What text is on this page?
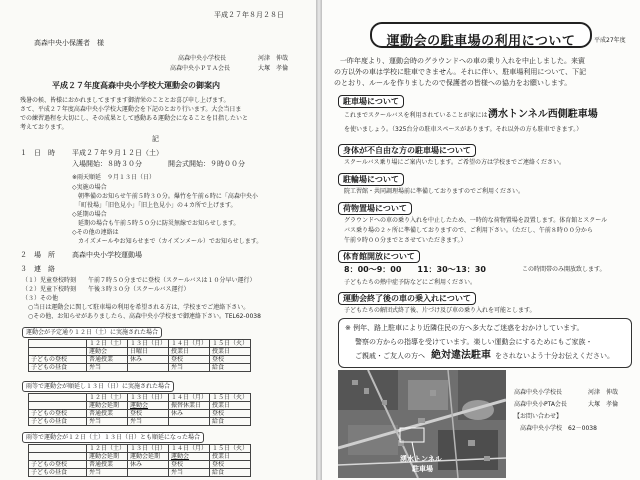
平成２７年８月２８日
高森中央小保護者　様
高森中央小学校長	河津　伸哉
高森中央小ＰＴＡ会長	大塚　孝倫
平成２７年度高森中央小学校大運動会の御案内
残暑の候、皆様におかれましてますます御清栄のこととお喜び申し上げます。
さて、平成２７年度高森中央小学校大運動会を下記のとおり行います。大会当日ま
での練習過程を大切にし、その成果として感動ある運動会になることを目指したいと
考えております。
記
１ 日　時 平成２７年９月１２日（土）
入場開始：８時３０分	開会式開始：９時００分
※雨天順延　９月１３日（日）
◇実施の場合
　朝準備のお知らせ午前５時３０分。爆竹を午前６時に「高森中央小
　「町役場」「旧色見小」「旧上色見小」の４カ所で上げます。
◇延期の場合
　延期の場合も午前５時５０分に防災無線でお知らせします。
◇その他の連絡は
　カイズメールやお知らせまで（カイズンメール）でお知らせします。
２ 場　所 高森中央小学校運動場
３ 連　絡
（１）児童登校時刻　　午前７時５０分までに登校（スクールバスは１０分早い運行）
（２）児童下校時刻　　午後３時３０分（スクールバス運行）
（３）その他
　○当日は運動会に関して駐車場の利用を希望される方は、学校までご連絡下さい。
　○その他、お知らせがありましたら、高森中央小学校まで御連絡下さい。TEL62-0038
運動会が予定通り１２日（土）に実施された場合
	１２日（土）	１３日（日）	１４日（月）	１５日（火）
	運動会	日曜日	授業日	授業日
子どもの登校	普通授業	休み	登校	登校
子どもの昼食	弁当		弁当	給食
雨等で運動会が順延し１３日（日）に実施された場合
	１２日（土）	１３日（日）	１４日（月）	１５日（火）
	運動会延期	運動会	振替休業日	授業日
子どもの登校	普通授業	登校	休み	登校
子どもの昼食	弁当	弁当		給食
雨等で運動会が１２日（土）１３日（日）とも順延になった場合
	１２日（土）	１３日（日）	１４日（月）	１５日（火）
	運動会延期	運動会延期	運動会	授業日
子どもの登校	普通授業	休み	登校	登校
子どもの昼食	弁当		弁当	給食
運動会の駐車場の利用について	平成27年度
一昨年度より、運動会時のグラウンドへの車の乗り入れを中止しました。来賓
の方以外の車は学校に駐車できません。それに伴い、駐車場利用について、下記
のとおり、ルールを作りましたので保護者の皆様への協力をお願いします。
駐車場について
これまでスクールバスを利用されていることが家には 湧水トンネル西側駐車場
を使いましょう。（325台分の駐車スペースがあります。それ以外の方も駐車できます。）
身体が不自由な方の駐車場について
スクールバス乗り場にご案内いたします。ご希望の方は学校までご連絡ください。
駐輪場について
院工習館・共同調理場前に準備しておりますのでご利用ください。
荷物置場について
グラウンドへの車の乗り入れを中止したため、一時的な荷物置場を設置します。体育館とスクール
バス乗り場の２ヶ所に準備しておりますので、ご利用下さい。（ただし、午前８時００分から
午前９時００分までとさせていただきます。）
体育館開放について
8：00〜9：00　　11：30〜13：30	この時間帯のみ開放致します。
子どもたちの熱中症予防などにご利用ください。
運動会終了後の車の乗入れについて
子どもたちの解団式終了後、片づけ及び車の乗り入れを可能とします。
※ 例年、路上駐車により近隣住民の方へ多大なご迷惑をおかけしています。
警察の方からの指導を受けています。楽しい運動会にするためにもご家族・
ご親戚・ご友人の方へ 絶対違法駐車 をされないよう十分お伝えください。
湧水トンネル
駐車場
高森中央小学校長	河津　伸哉
高森中央小PTA会長	大塚　孝倫
【お問い合わせ】
高森中央小学校　62－0038
